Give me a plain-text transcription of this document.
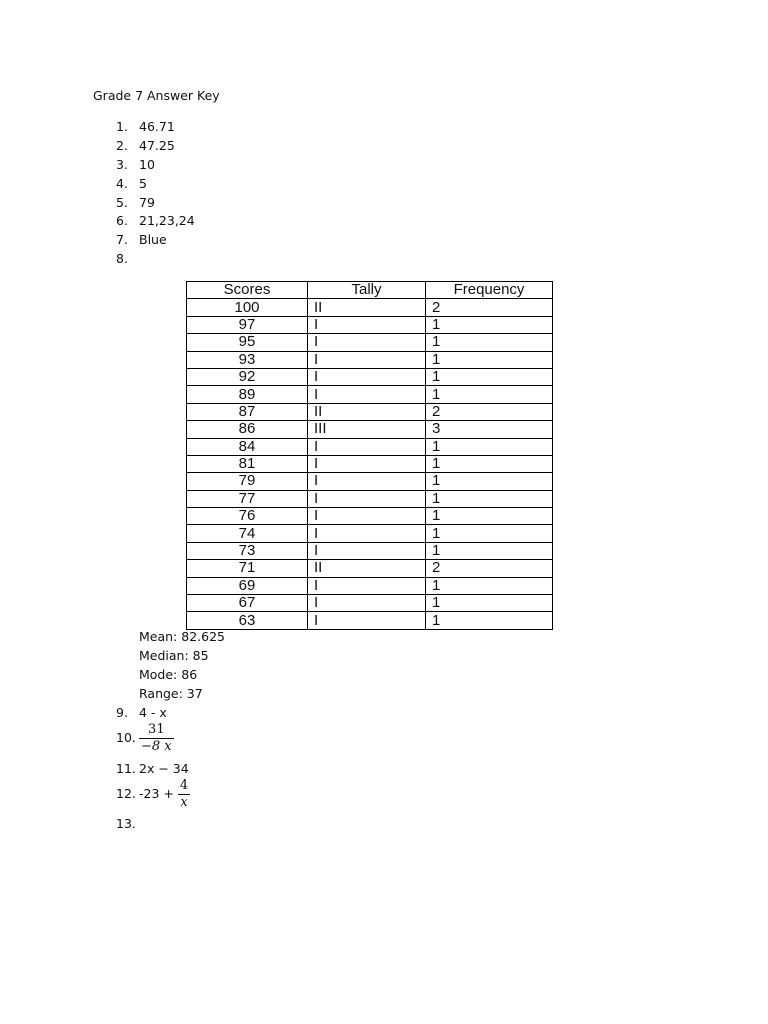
Grade 7 Answer Key
1. 46.71
2. 47.25
3. 10
4. 5
5. 79
6. 21,23,24
7. Blue
8.
Scores	Tally	Frequency
100	II	2
97	I	1
95	I	1
93	I	1
92	I	1
89	I	1
87	II	2
86	III	3
84	I	1
81	I	1
79	I	1
77	I	1
76	I	1
74	I	1
73	I	1
71	II	2
69	I	1
67	I	1
63	I	1
Mean: 82.625
Median: 85
Mode: 86
Range: 37
9. 4 - x
10. $\frac{31}{-8 x}$
11. 2x − 34
12. $-23 + \frac{4}{x}$
13.
